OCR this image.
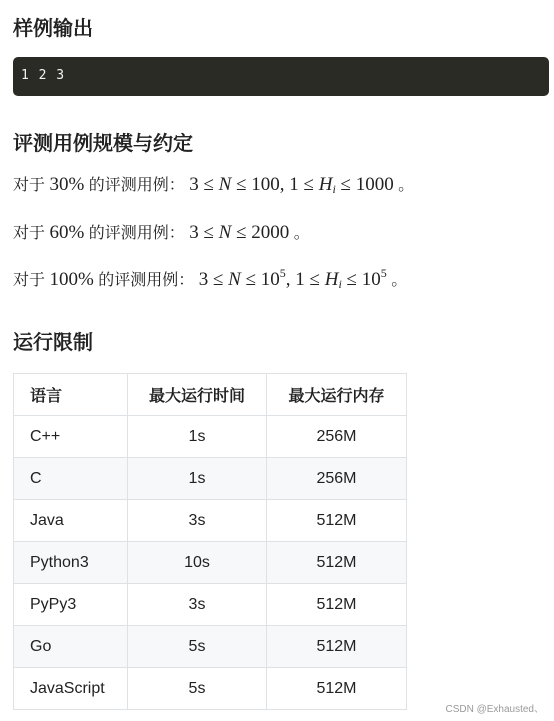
样例输出
1 2 3
评测用例规模与约定
对于 30% 的评测用例： 3 ≤ N ≤ 100, $1 \le H_i \le 1000$ 。
对于 60% 的评测用例： 3 ≤ N ≤ 2000 。
对于 100% 的评测用例： $3 \le N \le 10^5$, $1 \le H_i \le 10^5$ 。
运行限制
语言	最大运行时间	最大运行内存
C++	1s	256M
C	1s	256M
Java	3s	512M
Python3	10s	512M
PyPy3	3s	512M
Go	5s	512M
JavaScript	5s	512M
CSDN @Exhausted、
